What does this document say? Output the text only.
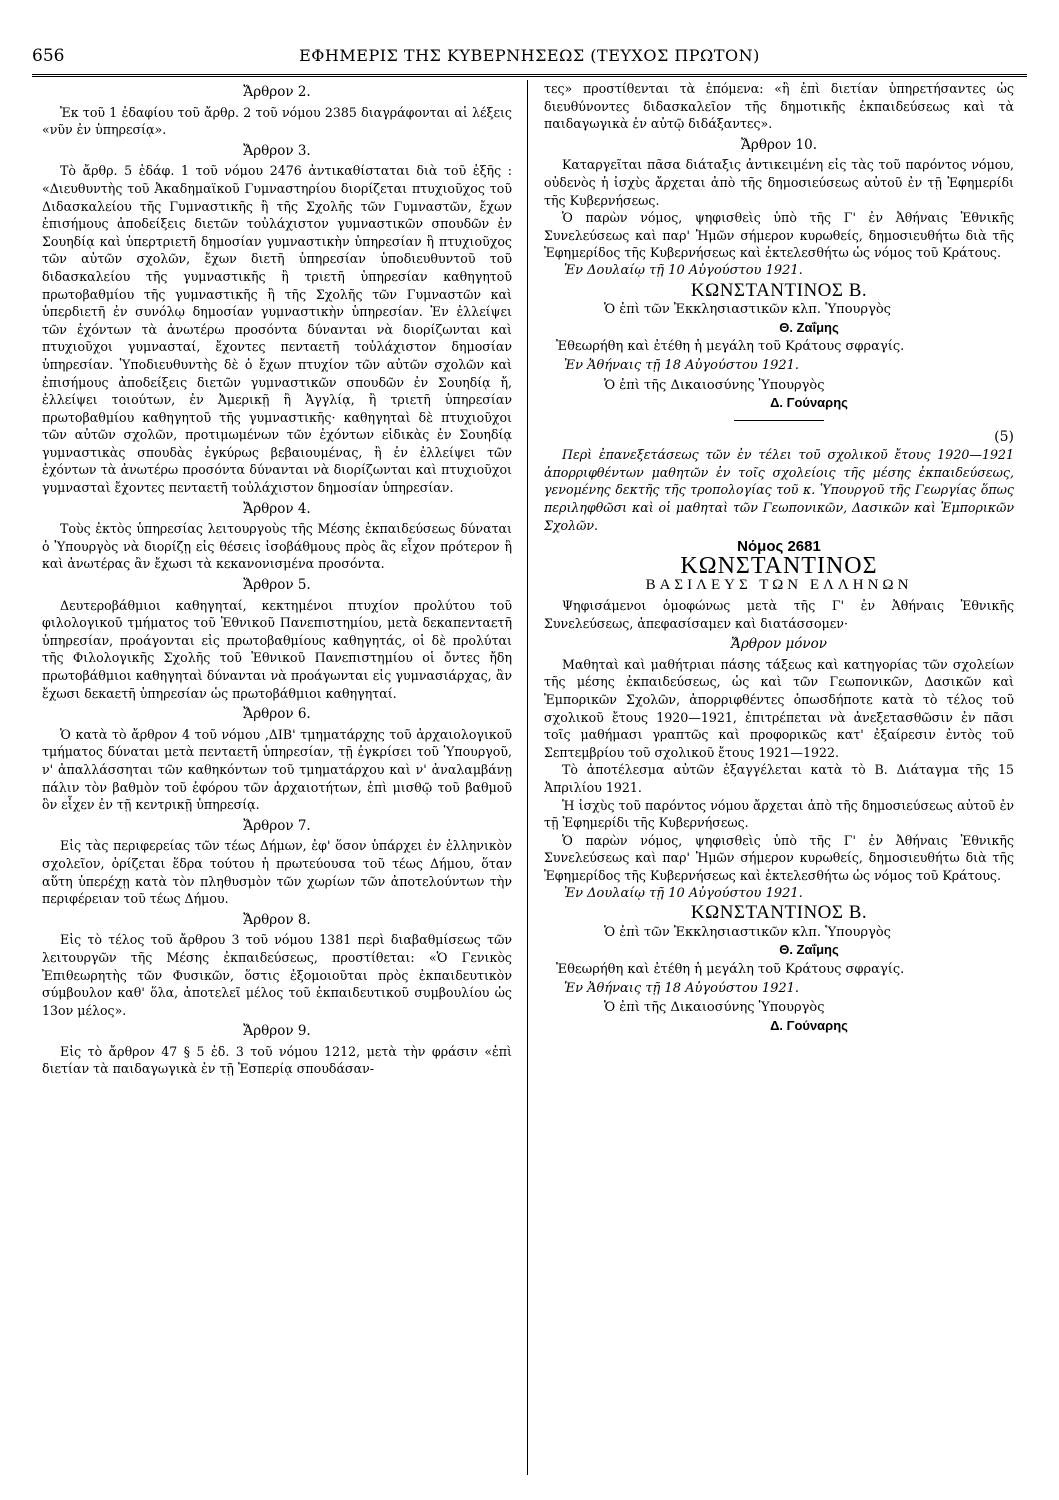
656	ΕΦΗΜΕΡΙΣ ΤΗΣ ΚΥΒΕΡΝΗΣΕΩΣ (ΤΕΥΧΟΣ ΠΡΩΤΟΝ)
Ἄρθρον 2.

Ἐκ τοῦ 1 ἐδαφίου τοῦ ἄρθρ. 2 τοῦ νόμου 2385 διαγράφονται αἱ λέξεις «νῦν ἐν ὑπηρεσίᾳ».

Ἄρθρον 3.

Τὸ ἄρθρ. 5 ἐδάφ. 1 τοῦ νόμου 2476 ἀντικαθίσταται διὰ τοῦ ἑξῆς : «Διευθυντὴς τοῦ Ἀκαδημαϊκοῦ Γυμναστηρίου διορίζεται πτυχιοῦχος τοῦ Διδασκαλείου τῆς Γυμναστικῆς ἢ τῆς Σχολῆς τῶν Γυμναστῶν, ἔχων ἐπισήμους ἀποδείξεις διετῶν τοὐλάχιστον γυμναστικῶν σπουδῶν ἐν Σουηδίᾳ καὶ ὑπερτριετῆ δημοσίαν γυμναστικὴν ὑπηρεσίαν ἢ πτυχιοῦχος τῶν αὐτῶν σχολῶν, ἔχων διετῆ ὑπηρεσίαν ὑποδιευθυντοῦ τοῦ διδασκαλείου τῆς γυμναστικῆς ἢ τριετῆ ὑπηρεσίαν καθηγητοῦ πρωτοβαθμίου τῆς γυμναστικῆς ἢ τῆς Σχολῆς τῶν Γυμναστῶν καὶ ὑπερδιετῆ ἐν συνόλῳ δημοσίαν γυμναστικὴν ὑπηρεσίαν. Ἐν ἐλλείψει τῶν ἐχόντων τὰ ἀνωτέρω προσόντα δύνανται νὰ διορίζωνται καὶ πτυχιοῦχοι γυμνασταί, ἔχοντες πενταετῆ τοὐλάχιστον δημοσίαν ὑπηρεσίαν. Ὑποδιευθυντὴς δὲ ὁ ἔχων πτυχίον τῶν αὐτῶν σχολῶν καὶ ἐπισήμους ἀποδείξεις διετῶν γυμναστικῶν σπουδῶν ἐν Σουηδίᾳ ἤ, ἐλλείψει τοιούτων, ἐν Ἀμερικῇ ἢ Ἀγγλίᾳ, ἢ τριετῆ ὑπηρεσίαν πρωτοβαθμίου καθηγητοῦ τῆς γυμναστικῆς· καθηγηταὶ δὲ πτυχιοῦχοι τῶν αὐτῶν σχολῶν, προτιμωμένων τῶν ἐχόντων εἰδικὰς ἐν Σουηδίᾳ γυμναστικὰς σπουδὰς ἐγκύρως βεβαιουμένας, ἢ ἐν ἐλλείψει τῶν ἐχόντων τὰ ἀνωτέρω προσόντα δύνανται νὰ διορίζωνται καὶ πτυχιοῦχοι γυμνασταὶ ἔχοντες πενταετῆ τοὐλάχιστον δημοσίαν ὑπηρεσίαν.

Ἄρθρον 4.

Τοὺς ἐκτὸς ὑπηρεσίας λειτουργοὺς τῆς Μέσης ἐκπαιδεύσεως δύναται ὁ Ὑπουργὸς νὰ διορίζῃ εἰς θέσεις ἰσοβάθμους πρὸς ἃς εἶχον πρότερον ἢ καὶ ἀνωτέρας ἂν ἔχωσι τὰ κεκανονισμένα προσόντα.

Ἄρθρον 5.

Δευτεροβάθμιοι καθηγηταί, κεκτημένοι πτυχίον προλύτου τοῦ φιλολογικοῦ τμήματος τοῦ Ἐθνικοῦ Πανεπιστημίου, μετὰ δεκαπενταετῆ ὑπηρεσίαν, προάγονται εἰς πρωτοβαθμίους καθηγητάς, οἱ δὲ προλύται τῆς Φιλολογικῆς Σχολῆς τοῦ Ἐθνικοῦ Πανεπιστημίου οἱ ὄντες ἤδη πρωτοβάθμιοι καθηγηταὶ δύνανται νὰ προάγωνται εἰς γυμνασιάρχας, ἂν ἔχωσι δεκαετῆ ὑπηρεσίαν ὡς πρωτοβάθμιοι καθηγηταί.

Ἄρθρον 6.

Ὁ κατὰ τὸ ἄρθρον 4 τοῦ νόμου ,ΔΙΒ' τμηματάρχης τοῦ ἀρχαιολογικοῦ τμήματος δύναται μετὰ πενταετῆ ὑπηρεσίαν, τῇ ἐγκρίσει τοῦ Ὑπουργοῦ, ν' ἀπαλλάσσηται τῶν καθηκόντων τοῦ τμηματάρχου καὶ ν' ἀναλαμβάνῃ πάλιν τὸν βαθμὸν τοῦ ἐφόρου τῶν ἀρχαιοτήτων, ἐπὶ μισθῷ τοῦ βαθμοῦ ὃν εἶχεν ἐν τῇ κεντρικῇ ὑπηρεσίᾳ.

Ἄρθρον 7.

Εἰς τὰς περιφερείας τῶν τέως Δήμων, ἐφ' ὅσον ὑπάρχει ἐν ἑλληνικὸν σχολεῖον, ὁρίζεται ἕδρα τούτου ἡ πρωτεύουσα τοῦ τέως Δήμου, ὅταν αὕτη ὑπερέχῃ κατὰ τὸν πληθυσμὸν τῶν χωρίων τῶν ἀποτελούντων τὴν περιφέρειαν τοῦ τέως Δήμου.

Ἄρθρον 8.

Εἰς τὸ τέλος τοῦ ἄρθρου 3 τοῦ νόμου 1381 περὶ διαβαθμίσεως τῶν λειτουργῶν τῆς Μέσης ἐκπαιδεύσεως, προστίθεται: «Ὁ Γενικὸς Ἐπιθεωρητὴς τῶν Φυσικῶν, ὅστις ἐξομοιοῦται πρὸς ἐκπαιδευτικὸν σύμβουλον καθ' ὅλα, ἀποτελεῖ μέλος τοῦ ἐκπαιδευτικοῦ συμβουλίου ὡς 13ον μέλος».

Ἄρθρον 9.

Εἰς τὸ ἄρθρον 47 § 5 ἐδ. 3 τοῦ νόμου 1212, μετὰ τὴν φράσιν «ἐπὶ διετίαν τὰ παιδαγωγικὰ ἐν τῇ Ἑσπερίᾳ σπουδάσαν-

τες» προστίθενται τὰ ἑπόμενα: «ἢ ἐπὶ διετίαν ὑπηρετήσαντες ὡς διευθύνοντες διδασκαλεῖον τῆς δημοτικῆς ἐκπαιδεύσεως καὶ τὰ παιδαγωγικὰ ἐν αὐτῷ διδάξαντες».

Ἄρθρον 10.

Καταργεῖται πᾶσα διάταξις ἀντικειμένη εἰς τὰς τοῦ παρόντος νόμου, οὐδενὸς ἡ ἰσχὺς ἄρχεται ἀπὸ τῆς δημοσιεύσεως αὐτοῦ ἐν τῇ Ἐφημερίδι τῆς Κυβερνήσεως.

Ὁ παρὼν νόμος, ψηφισθεὶς ὑπὸ τῆς Γ' ἐν Ἀθήναις Ἐθνικῆς Συνελεύσεως καὶ παρ' Ἡμῶν σήμερον κυρωθείς, δημοσιευθήτω διὰ τῆς Ἐφημερίδος τῆς Κυβερνήσεως καὶ ἐκτελεσθήτω ὡς νόμος τοῦ Κράτους.

Ἐν Δουλαίῳ τῇ 10 Αὐγούστου 1921.
ΚΩΝΣΤΑΝΤΙΝΟΣ Β.
Ὁ ἐπὶ τῶν Ἐκκλησιαστικῶν κλπ. Ὑπουργὸς
Θ. Ζαΐμης
Ἐθεωρήθη καὶ ἐτέθη ἡ μεγάλη τοῦ Κράτους σφραγίς.
Ἐν Ἀθήναις τῇ 18 Αὐγούστου 1921.
Ὁ ἐπὶ τῆς Δικαιοσύνης Ὑπουργὸς
Δ. Γούναρης
(5)

Περὶ ἐπανεξετάσεως τῶν ἐν τέλει τοῦ σχολικοῦ ἔτους 1920—1921 ἀπορριφθέντων μαθητῶν ἐν τοῖς σχολείοις τῆς μέσης ἐκπαιδεύσεως, γενομένης δεκτῆς τῆς τροπολογίας τοῦ κ. Ὑπουργοῦ τῆς Γεωργίας ὅπως περιληφθῶσι καὶ οἱ μαθηταὶ τῶν Γεωπονικῶν, Δασικῶν καὶ Ἐμπορικῶν Σχολῶν.

Νόμος 2681
ΚΩΝΣΤΑΝΤΙΝΟΣ
ΒΑΣΙΛΕΥΣ ΤΩΝ ΕΛΛΗΝΩΝ

Ψηφισάμενοι ὁμοφώνως μετὰ τῆς Γ' ἐν Ἀθήναις Ἐθνικῆς Συνελεύσεως, ἀπεφασίσαμεν καὶ διατάσσομεν·

Ἄρθρον μόνον

Μαθηταὶ καὶ μαθήτριαι πάσης τάξεως καὶ κατηγορίας τῶν σχολείων τῆς μέσης ἐκπαιδεύσεως, ὡς καὶ τῶν Γεωπονικῶν, Δασικῶν καὶ Ἐμπορικῶν Σχολῶν, ἀπορριφθέντες ὁπωσδήποτε κατὰ τὸ τέλος τοῦ σχολικοῦ ἔτους 1920—1921, ἐπιτρέπεται νὰ ἀνεξετασθῶσιν ἐν πᾶσι τοῖς μαθήμασι γραπτῶς καὶ προφορικῶς κατ' ἐξαίρεσιν ἐντὸς τοῦ Σεπτεμβρίου τοῦ σχολικοῦ ἔτους 1921—1922.

Τὸ ἀποτέλεσμα αὐτῶν ἐξαγγέλεται κατὰ τὸ Β. Διάταγμα τῆς 15 Ἀπριλίου 1921.

Ἡ ἰσχὺς τοῦ παρόντος νόμου ἄρχεται ἀπὸ τῆς δημοσιεύσεως αὐτοῦ ἐν τῇ Ἐφημερίδι τῆς Κυβερνήσεως.

Ὁ παρὼν νόμος, ψηφισθεὶς ὑπὸ τῆς Γ' ἐν Ἀθήναις Ἐθνικῆς Συνελεύσεως καὶ παρ' Ἡμῶν σήμερον κυρωθείς, δημοσιευθήτω διὰ τῆς Ἐφημερίδος τῆς Κυβερνήσεως καὶ ἐκτελεσθήτω ὡς νόμος τοῦ Κράτους.

Ἐν Δουλαίῳ τῇ 10 Αὐγούστου 1921.
ΚΩΝΣΤΑΝΤΙΝΟΣ Β.
Ὁ ἐπὶ τῶν Ἐκκλησιαστικῶν κλπ. Ὑπουργὸς
Θ. Ζαΐμης
Ἐθεωρήθη καὶ ἐτέθη ἡ μεγάλη τοῦ Κράτους σφραγίς.
Ἐν Ἀθήναις τῇ 18 Αὐγούστου 1921.
Ὁ ἐπὶ τῆς Δικαιοσύνης Ὑπουργὸς
Δ. Γούναρης
